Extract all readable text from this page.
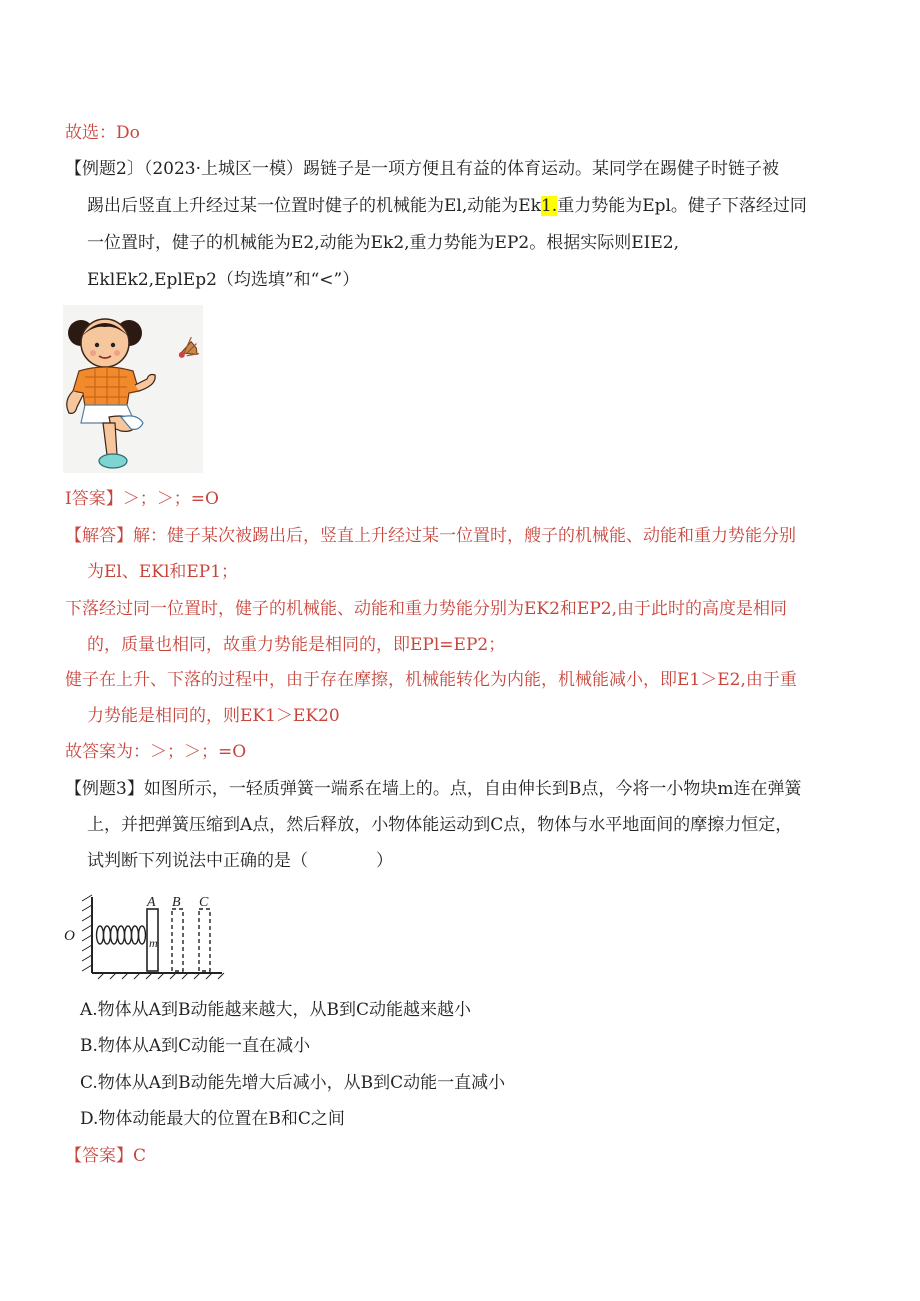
故选：Do
【例题2〕（2023·上城区一模）踢链子是一项方便且有益的体育运动。某同学在踢健子时链子被
踢出后竖直上升经过某一位置时健子的机械能为El,动能为Ek1.重力势能为Epl。健子下落经过同
一位置时，健子的机械能为E2,动能为Ek2,重力势能为EP2。根据实际则EIE2,
EklEk2,EplEp2（均选填”和“<”）
I答案】＞；＞；=O
【解答】解：健子某次被踢出后，竖直上升经过某一位置时，艘子的机械能、动能和重力势能分别
为El、EKl和EP1；
下落经过同一位置时，健子的机械能、动能和重力势能分别为EK2和EP2,由于此时的高度是相同
的，质量也相同，故重力势能是相同的，即EPl=EP2；
健子在上升、下落的过程中，由于存在摩擦，机械能转化为内能，机械能减小，即E1＞E2,由于重
力势能是相同的，则EK1＞EK20
故答案为：＞；＞；=O
【例题3】如图所示，一轻质弹簧一端系在墙上的。点，自由伸长到B点，今将一小物块m连在弹簧
上，并把弹簧压缩到A点，然后释放，小物体能运动到C点，物体与水平地面间的摩擦力恒定，
试判断下列说法中正确的是（　　　　）
O	m
A B C
A.物体从A到B动能越来越大，从B到C动能越来越小
B.物体从A到C动能一直在减小
C.物体从A到B动能先增大后减小，从B到C动能一直减小
D.物体动能最大的位置在B和C之间
【答案】C
